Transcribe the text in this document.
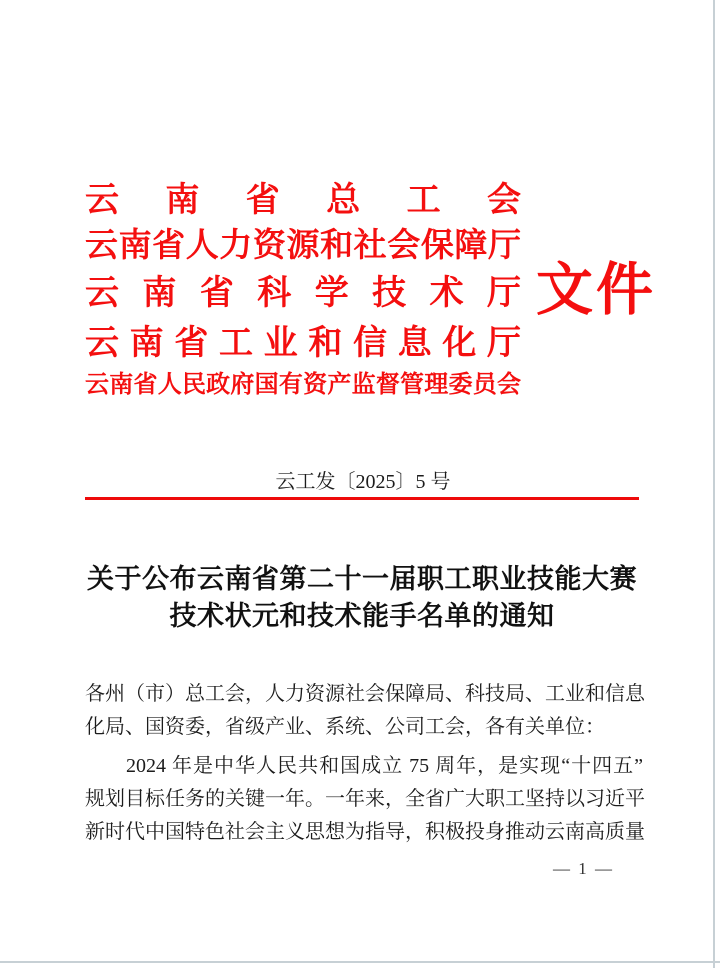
云南省总工会
云南省人力资源和社会保障厅
云南省科学技术厅
云南省工业和信息化厅
云南省人民政府国有资产监督管理委员会
文件
云工发〔2025〕5 号
关于公布云南省第二十一届职工职业技能大赛
技术状元和技术能手名单的通知
各州（市）总工会，人力资源社会保障局、科技局、工业和信息
化局、国资委，省级产业、系统、公司工会，各有关单位：
2024 年是中华人民共和国成立 75 周年，是实现“十四五”
规划目标任务的关键一年。一年来，全省广大职工坚持以习近平
新时代中国特色社会主义思想为指导，积极投身推动云南高质量
— 1 —
